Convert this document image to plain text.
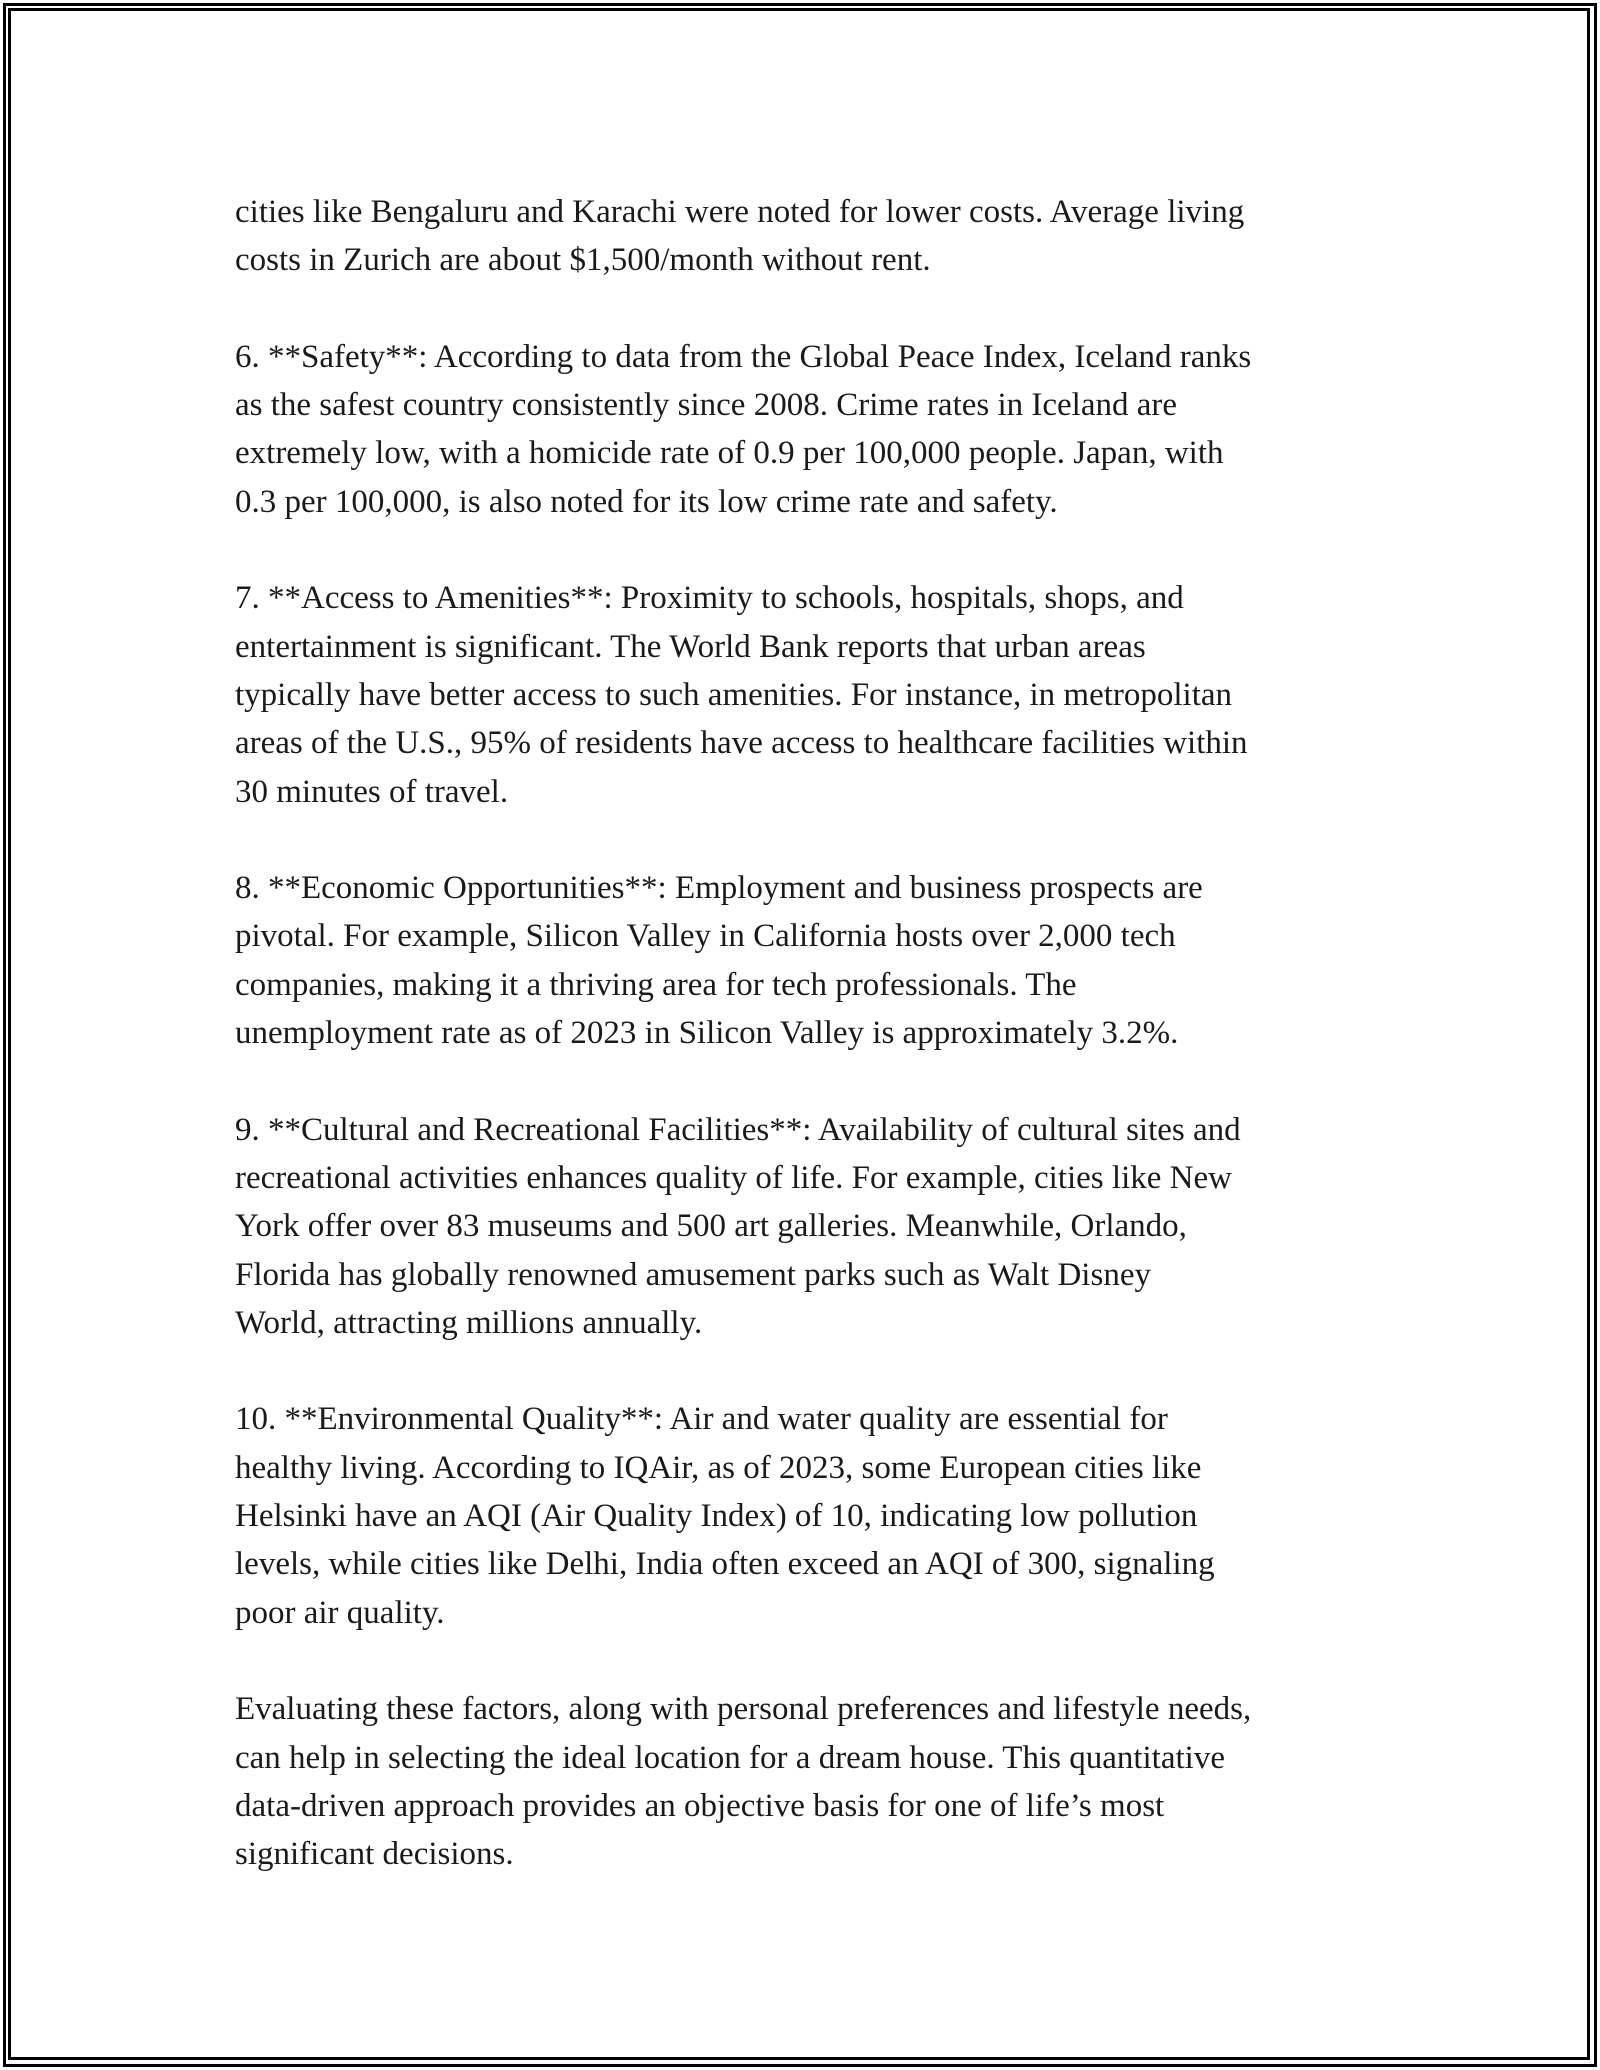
cities like Bengaluru and Karachi were noted for lower costs. Average living
costs in Zurich are about $1,500/month without rent.

6. **Safety**: According to data from the Global Peace Index, Iceland ranks
as the safest country consistently since 2008. Crime rates in Iceland are
extremely low, with a homicide rate of 0.9 per 100,000 people. Japan, with
0.3 per 100,000, is also noted for its low crime rate and safety.

7. **Access to Amenities**: Proximity to schools, hospitals, shops, and
entertainment is significant. The World Bank reports that urban areas
typically have better access to such amenities. For instance, in metropolitan
areas of the U.S., 95% of residents have access to healthcare facilities within
30 minutes of travel.

8. **Economic Opportunities**: Employment and business prospects are
pivotal. For example, Silicon Valley in California hosts over 2,000 tech
companies, making it a thriving area for tech professionals. The
unemployment rate as of 2023 in Silicon Valley is approximately 3.2%.

9. **Cultural and Recreational Facilities**: Availability of cultural sites and
recreational activities enhances quality of life. For example, cities like New
York offer over 83 museums and 500 art galleries. Meanwhile, Orlando,
Florida has globally renowned amusement parks such as Walt Disney
World, attracting millions annually.

10. **Environmental Quality**: Air and water quality are essential for
healthy living. According to IQAir, as of 2023, some European cities like
Helsinki have an AQI (Air Quality Index) of 10, indicating low pollution
levels, while cities like Delhi, India often exceed an AQI of 300, signaling
poor air quality.

Evaluating these factors, along with personal preferences and lifestyle needs,
can help in selecting the ideal location for a dream house. This quantitative
data-driven approach provides an objective basis for one of life’s most
significant decisions.
